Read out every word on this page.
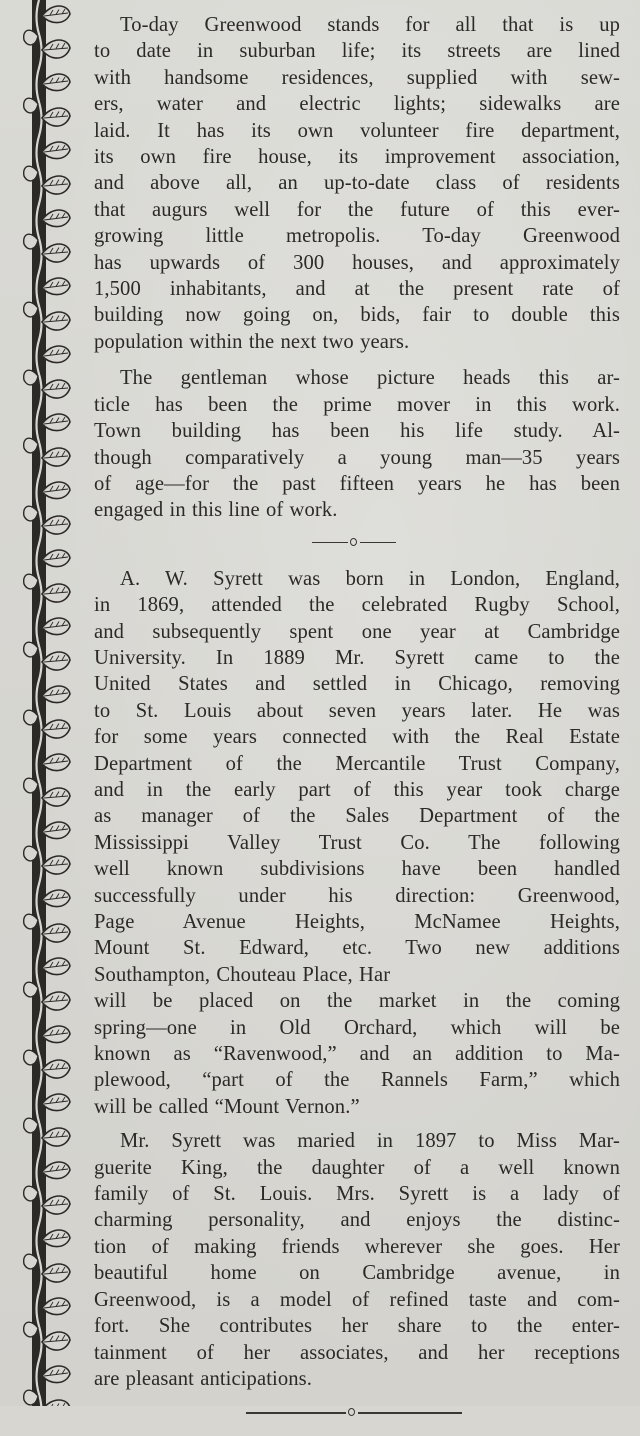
To-day Greenwood stands for all that is up
to date in suburban life; its streets are lined
with handsome residences, supplied with sew-
ers, water and electric lights; sidewalks are
laid. It has its own volunteer fire department,
its own fire house, its improvement association,
and above all, an up-to-date class of residents
that augurs well for the future of this ever-
growing little metropolis. To-day Greenwood
has upwards of 300 houses, and approximately
1,500 inhabitants, and at the present rate of
building now going on, bids, fair to double this
population within the next two years.

The gentleman whose picture heads this ar-
ticle has been the prime mover in this work.
Town building has been his life study. Al-
though comparatively a young man—35 years
of age—for the past fifteen years he has been
engaged in this line of work.

A. W. Syrett was born in London, England,
in 1869, attended the celebrated Rugby School,
and subsequently spent one year at Cambridge
University. In 1889 Mr. Syrett came to the
United States and settled in Chicago, removing
to St. Louis about seven years later. He was
for some years connected with the Real Estate
Department of the Mercantile Trust Company,
and in the early part of this year took charge
as manager of the Sales Department of the
Mississippi Valley Trust Co. The following
well known subdivisions have been handled
successfully under his direction: Greenwood,
Page Avenue Heights, McNamee Heights,
Mount St. Edward, etc. Two new additions
Southampton, Chouteau Place, Har
will be placed on the market in the coming
spring—one in Old Orchard, which will be
known as “Ravenwood,” and an addition to Ma-
plewood, “part of the Rannels Farm,” which
will be called “Mount Vernon.”

Mr. Syrett was maried in 1897 to Miss Mar-
guerite King, the daughter of a well known
family of St. Louis. Mrs. Syrett is a lady of
charming personality, and enjoys the distinc-
tion of making friends wherever she goes. Her
beautiful home on Cambridge avenue, in
Greenwood, is a model of refined taste and com-
fort. She contributes her share to the enter-
tainment of her associates, and her receptions
are pleasant anticipations.
